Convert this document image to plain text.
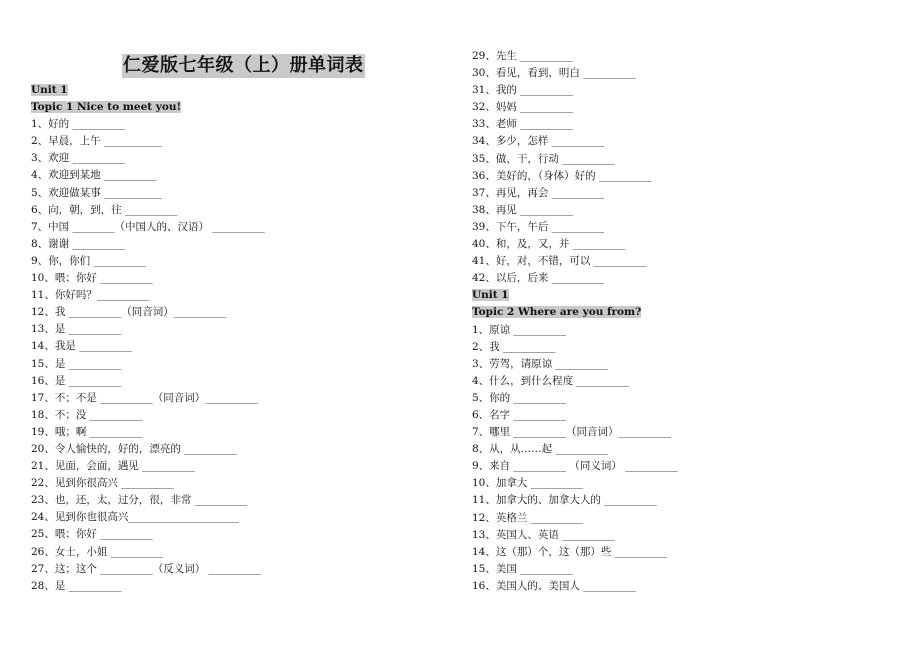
仁爱版七年级（上）册单词表
Unit 1
Topic 1 Nice to meet you!
1、好的 __________
2、早晨，上午 ___________
3、欢迎 __________
4、欢迎到某地 __________
5、欢迎做某事 ___________
6、向，朝，到，往 __________
7、中国 ________（中国人的、汉语） __________
8、谢谢 __________
9、你，你们 __________
10、喂；你好 __________
11、你好吗？__________
12、我 __________（同音词）__________
13、是 __________
14、我是 __________
15、是 __________
16、是 __________
17、不；不是 __________（同音词）__________
18、不；没 __________
19、哦；啊 __________
20、令人愉快的，好的，漂亮的 __________
21、见面，会面，遇见 __________
22、见到你很高兴 __________
23、也，还，太，过分，很，非常 __________
24、见到你也很高兴_____________________
25、喂；你好 __________
26、女士，小姐 __________
27、这；这个 __________（反义词） __________
28、是 __________
29、先生 __________
30、看见，看到，明白 __________
31、我的 __________
32、妈妈 __________
33、老师 __________
34、多少，怎样 __________
35、做，干，行动 __________
36、美好的，（身体）好的 __________
37、再见，再会 __________
38、再见 __________
39、下午，午后 __________
40、和，及，又，并 __________
41、好，对，不错，可以 __________
42、以后，后来 __________
Unit 1
Topic 2 Where are you from?
1、原谅 __________
2、我 __________
3、劳驾，请原谅 __________
4、什么，到什么程度 __________
5、你的 __________
6、名字 __________
7、哪里 __________（同音词）__________
8、从，从……起 __________
9、来自 __________ （同义词） __________
10、加拿大 __________
11、加拿大的、加拿大人的 __________
12、英格兰 __________
13、英国人、英语 __________
14、这（那）个，这（那）些 __________
15、美国 __________
16、美国人的、美国人 __________
